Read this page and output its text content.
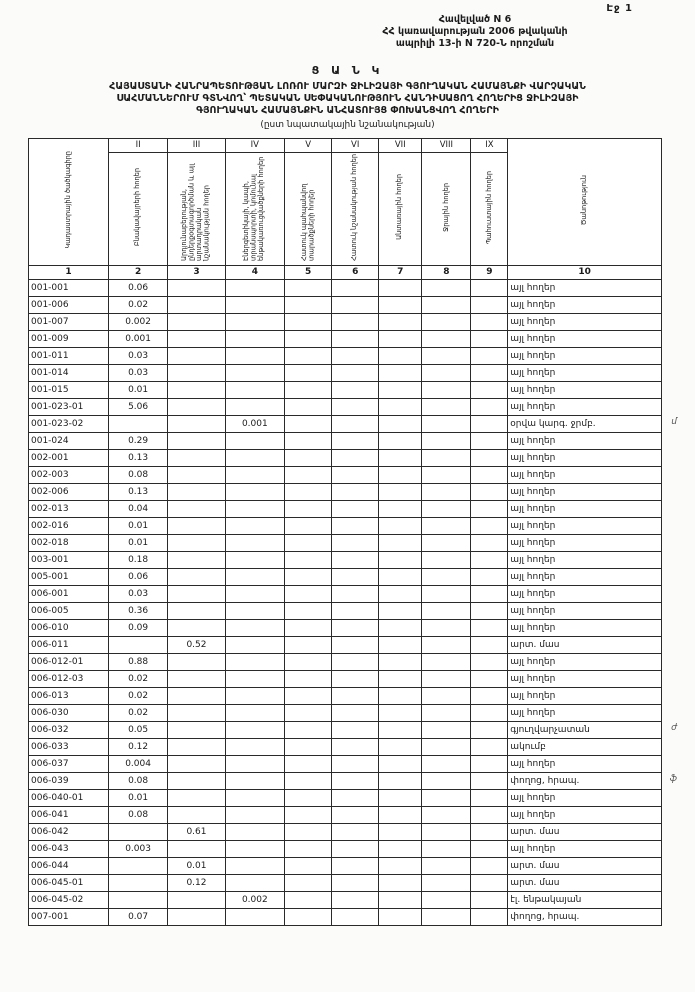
Էջ 1
Հավելված N 6
ՀՀ կառավարության 2006 թվականի
ապրիլի 13-ի N 720-Ն որոշման
Ց Ա Ն Կ
ՀԱՅԱՍՏԱՆԻ ՀԱՆՐԱՊԵՏՈՒԹՅԱՆ ԼՈՌՈՒ ՄԱՐԶԻ ՋԻԼԻԶԱՅԻ ԳՅՈՒՂԱԿԱՆ ՀԱՄԱՅՆՔԻ ՎԱՐՉԱԿԱՆ
ՍԱՀՄԱՆՆԵՐՈՒՄ ԳՏՆՎՈՂ՝ ՊԵՏԱԿԱՆ ՍԵՓԱԿԱՆՈՒԹՅՈՒՆ ՀԱՆԴԻՍԱՑՈՂ ՀՈՂԵՐԻՑ ՋԻԼԻԶԱՅԻ
ԳՅՈՒՂԱԿԱՆ ՀԱՄԱՅՆՔԻՆ ԱՆՀԱՏՈՒՅՑ ՓՈԽԱՆՑՎՈՂ ՀՈՂԵՐԻ
(ըստ նպատակային նշանակության)
Կադաստրային ծածկագիրը	II	III	IV	V	VI	VII	VIII	IX	Ծանոթություն
	Բնակավայրերի հողեր	Արդյունաբերության, ընդերքօգտագործման և այլ արտադրական նշանակության հողեր	Էներգետիկայի, կապի, տրանսպորտի, կոմունալ ենթակառուցվածքների հողեր	Հատուկ պահպանվող տարածքների հողեր	Հատուկ նշանակության հողեր	Անտառային հողեր	Ջրային հողեր	Պահուստային հողեր	
1	2	3	4	5	6	7	8	9	10
001-001	0.06								այլ հողեր
001-006	0.02								այլ հողեր
001-007	0.002								այլ հողեր
001-009	0.001								այլ հողեր
001-011	0.03								այլ հողեր
001-014	0.03								այլ հողեր
001-015	0.01								այլ հողեր
001-023-01	5.06								այլ հողեր
001-023-02			0.001						օրվա կարգ. ջրմբ. մ

001-024	0.29								այլ հողեր
002-001	0.13								այլ հողեր
002-003	0.08								այլ հողեր
002-006	0.13								այլ հողեր
002-013	0.04								այլ հողեր
002-016	0.01								այլ հողեր
002-018	0.01								այլ հողեր
003-001	0.18								այլ հողեր
005-001	0.06								այլ հողեր
006-001	0.03								այլ հողեր
006-005	0.36								այլ հողեր
006-010	0.09								այլ հողեր
006-011		0.52							արտ. մաս
006-012-01	0.88								այլ հողեր
006-012-03	0.02								այլ հողեր
006-013	0.02								այլ հողեր
006-030	0.02								այլ հողեր
006-032	0.05								գյուղվարչատան ժ

006-033	0.12								ակումբ
006-037	0.004								այլ հողեր
006-039	0.08								փողոց, հրապ. ֆ

006-040-01	0.01								այլ հողեր
006-041	0.08								այլ հողեր
006-042		0.61							արտ. մաս
006-043	0.003								այլ հողեր
006-044		0.01							արտ. մաս
006-045-01		0.12							արտ. մաս
006-045-02			0.002						էլ. ենթակայան
007-001	0.07								փողոց, հրապ.
